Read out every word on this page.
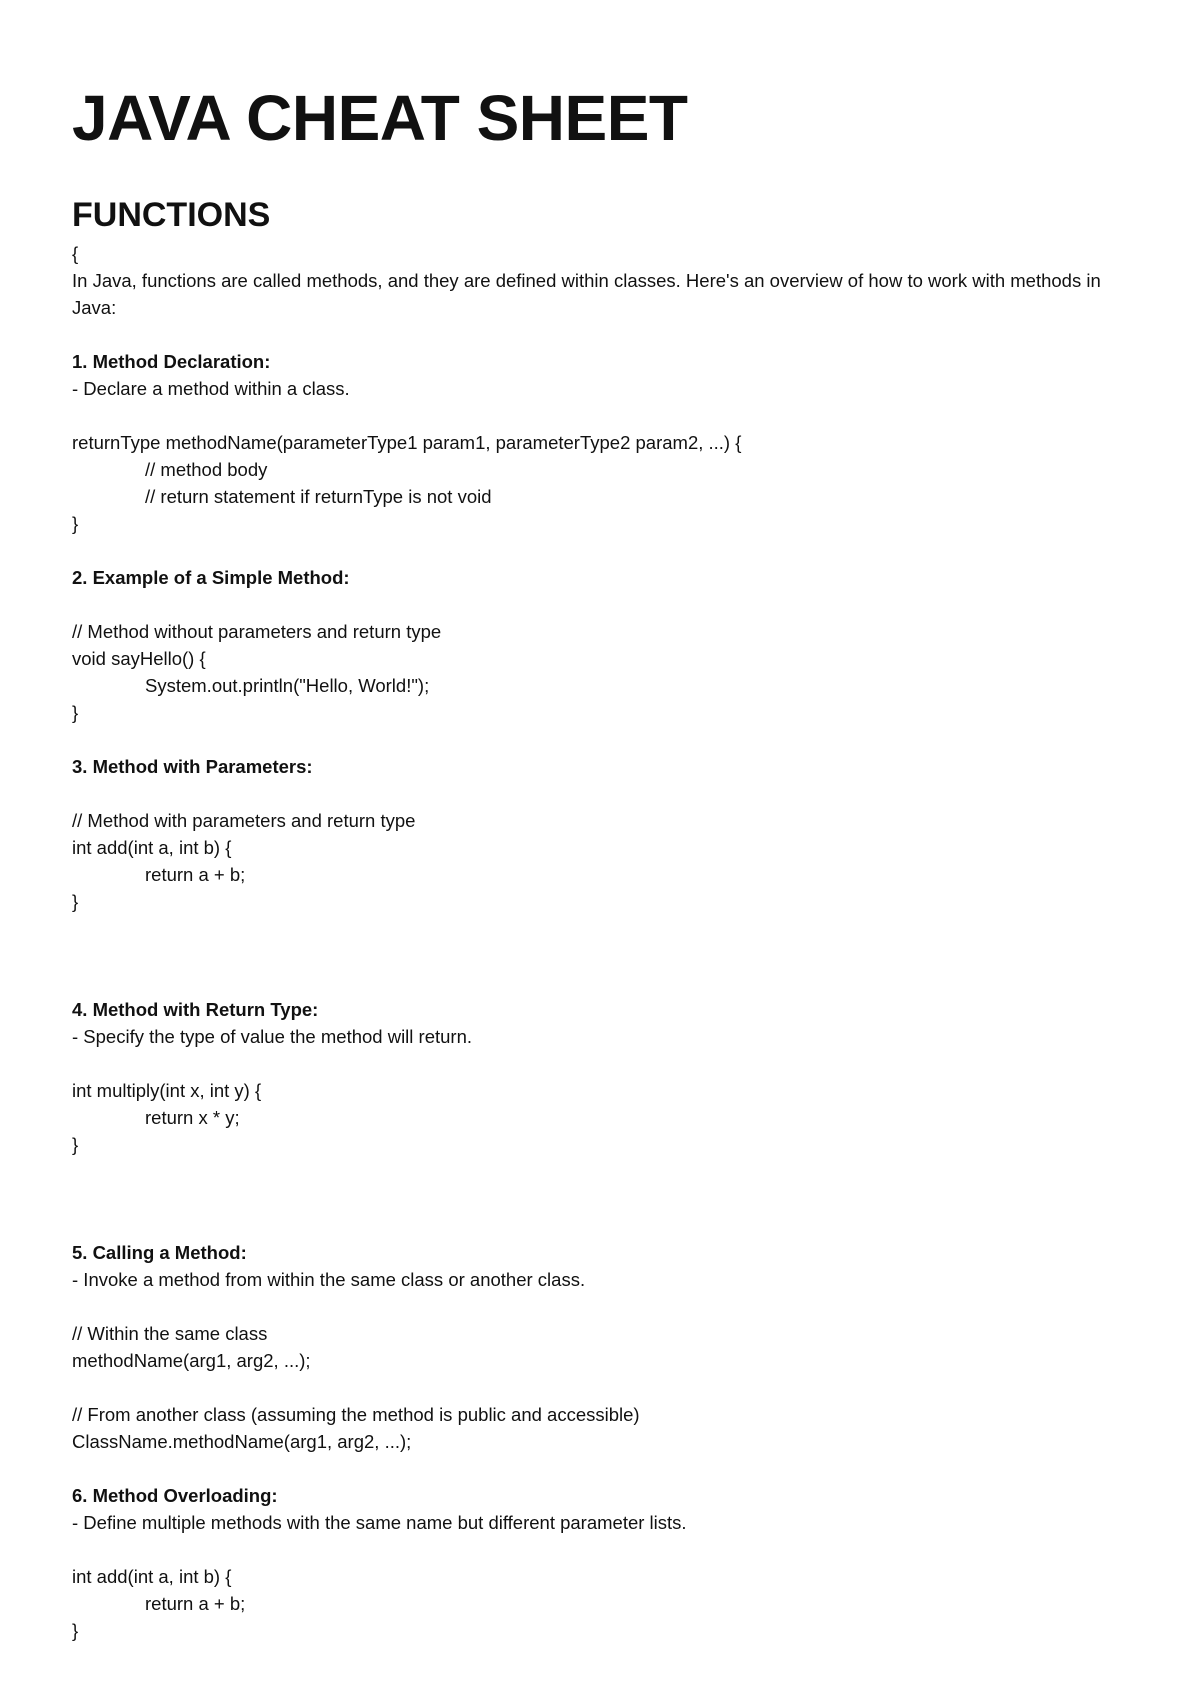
JAVA CHEAT SHEET
FUNCTIONS
{
In Java, functions are called methods, and they are defined within classes. Here's an overview of how to work with methods in Java:
1. Method Declaration:
- Declare a method within a class.
returnType methodName(parameterType1 param1, parameterType2 param2, ...) {
// method body
// return statement if returnType is not void
}
2. Example of a Simple Method:
// Method without parameters and return type
void sayHello() {
System.out.println("Hello, World!");
}
3. Method with Parameters:
// Method with parameters and return type
int add(int a, int b) {
return a + b;
}
4. Method with Return Type:
- Specify the type of value the method will return.
int multiply(int x, int y) {
return x * y;
}
5. Calling a Method:
- Invoke a method from within the same class or another class.
// Within the same class
methodName(arg1, arg2, ...);
// From another class (assuming the method is public and accessible)
ClassName.methodName(arg1, arg2, ...);
6. Method Overloading:
- Define multiple methods with the same name but different parameter lists.
int add(int a, int b) {
return a + b;
}
